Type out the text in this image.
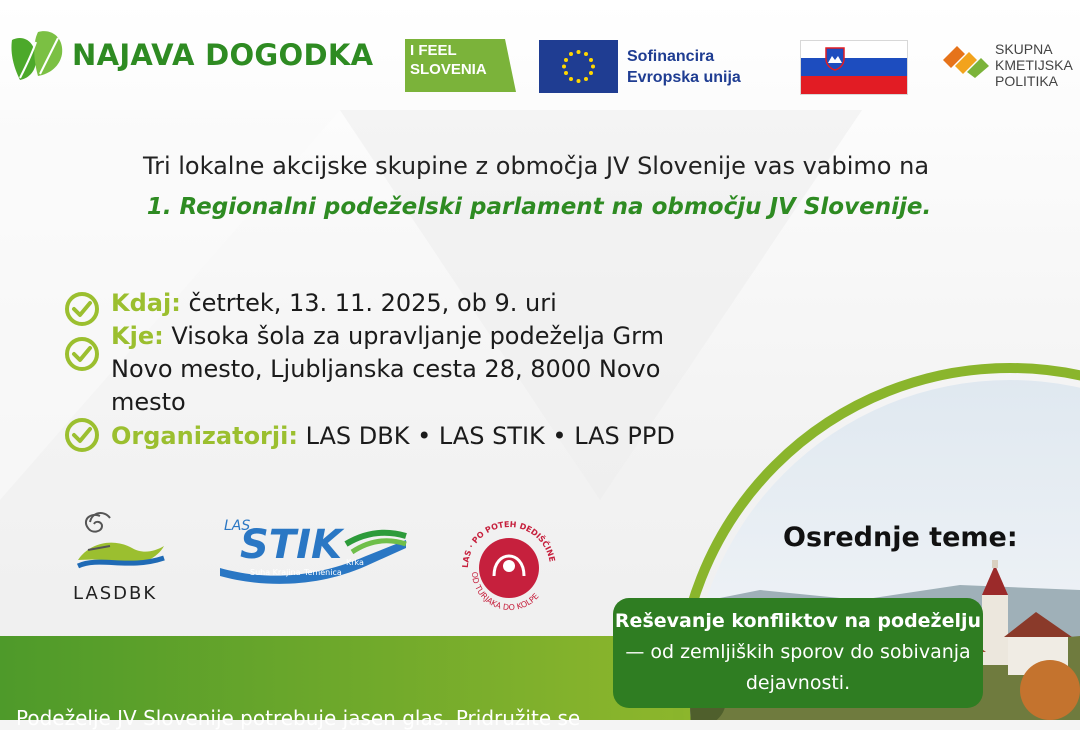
NAJAVA DOGODKA I FEEL
SLOVENIA
Sofinancira
Evropska unija
SKUPNA
KMETIJSKA
POLITIKA
Tri lokalne akcijske skupine z območja JV Slovenije vas vabimo na
1. Regionalni podeželski parlament na območju JV Slovenije.
Kdaj: četrtek, 13. 11. 2025, ob 9. uri
Kje: Visoka šola za upravljanje podeželja Grm
Novo mesto, Ljubljanska cesta 28, 8000 Novo
mesto
Organizatorji: LAS DBK • LAS STIK • LAS PPD
LASDBK
LAS
STIK
Suha Krajina Temenica
Krka	LAS · PO POTEH DEDIŠČINE
OD TURJAKA DO KOLPE
Podeželje JV Slovenije potrebuje jasen glas. Pridružite se
Osrednje teme:
Reševanje konfliktov na podeželju — od zemljiških sporov do sobivanja dejavnosti.
